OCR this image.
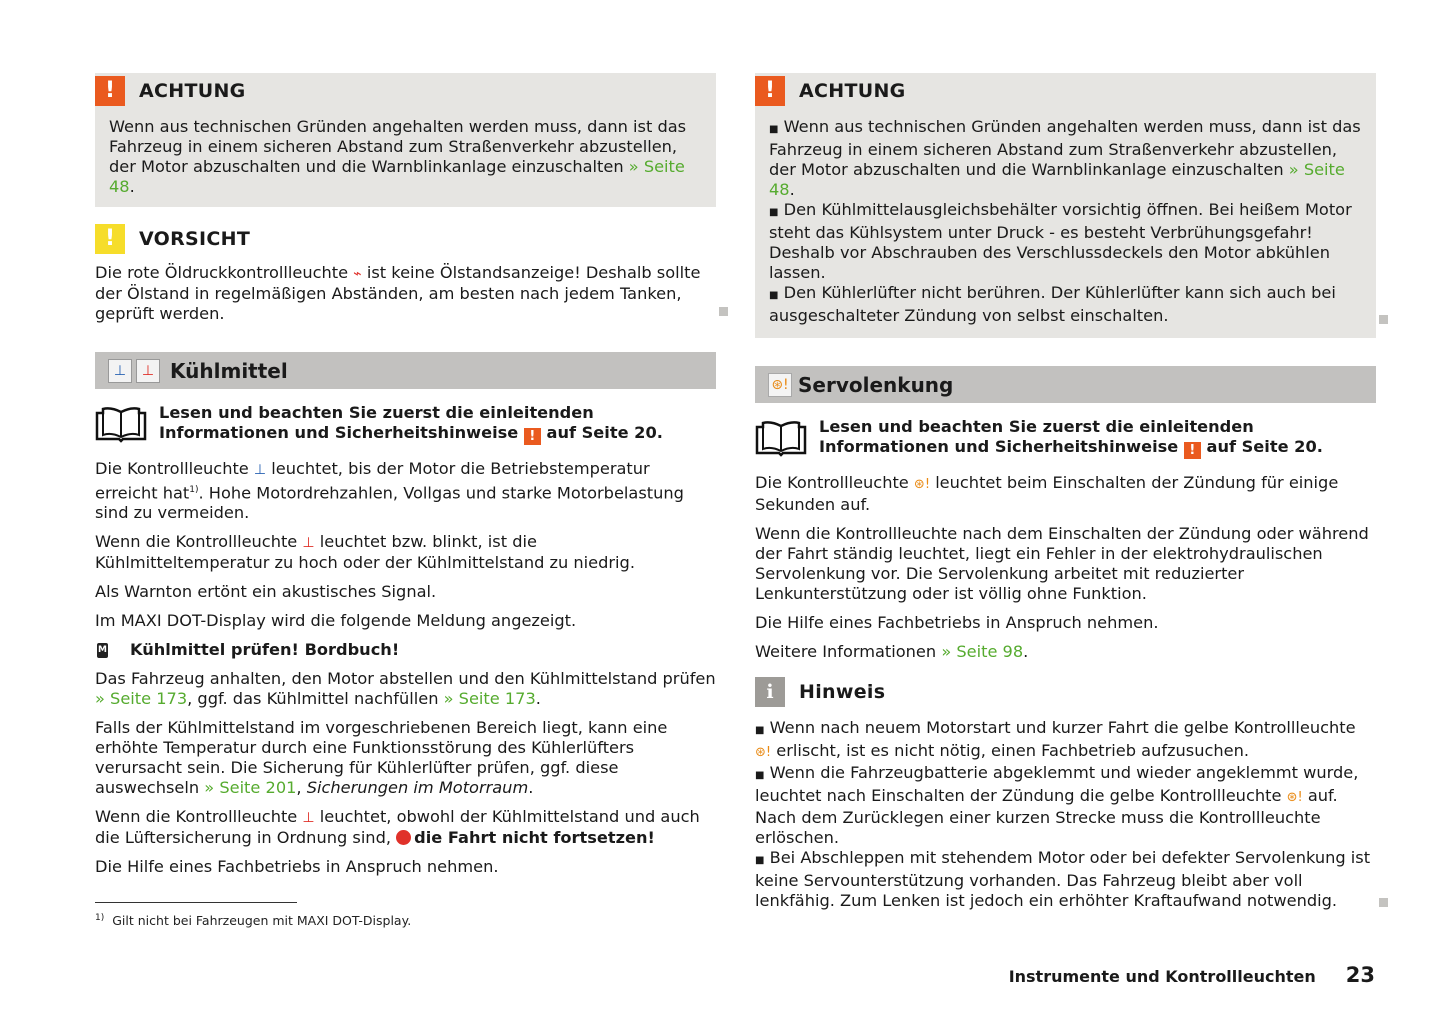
! ACHTUNG
Wenn aus technischen Gründen angehalten werden muss, dann ist das Fahrzeug in einem sicheren Abstand zum Straßenverkehr abzustellen, der Motor abzuschalten und die Warnblinkanlage einzuschalten » Seite 48.
! VORSICHT
Die rote Öldruckkontrollleuchte ⌁ ist keine Ölstandsanzeige! Deshalb sollte der Ölstand in regelmäßigen Abständen, am besten nach jedem Tanken, geprüft werden.
⊥	⊥ Kühlmittel
Lesen und beachten Sie zuerst die einleitenden Informationen und Sicherheitshinweise ! auf Seite 20.

Die Kontrollleuchte ⊥ leuchtet, bis der Motor die Betriebstemperatur erreicht hat$^{1)}$. Hohe Motordrehzahlen, Vollgas und starke Motorbelastung sind zu vermeiden.

Wenn die Kontrollleuchte ⊥ leuchtet bzw. blinkt, ist die Kühlmitteltemperatur zu hoch oder der Kühlmittelstand zu niedrig.

Als Warnton ertönt ein akustisches Signal.

Im MAXI DOT-Display wird die folgende Meldung angezeigt.

M Kühlmittel prüfen! Bordbuch!

Das Fahrzeug anhalten, den Motor abstellen und den Kühlmittelstand prüfen » Seite 173, ggf. das Kühlmittel nachfüllen » Seite 173.

Falls der Kühlmittelstand im vorgeschriebenen Bereich liegt, kann eine erhöhte Temperatur durch eine Funktionsstörung des Kühlerlüfters verursacht sein. Die Sicherung für Kühlerlüfter prüfen, ggf. diese auswechseln » Seite 201, Sicherungen im Motorraum.

Wenn die Kontrollleuchte ⊥ leuchtet, obwohl der Kühlmittelstand und auch die Lüftersicherung in Ordnung sind, die Fahrt nicht fortsetzen!

Die Hilfe eines Fachbetriebs in Anspruch nehmen.

! ACHTUNG

■ Wenn aus technischen Gründen angehalten werden muss, dann ist das Fahrzeug in einem sicheren Abstand zum Straßenverkehr abzustellen, der Motor abzuschalten und die Warnblinkanlage einzuschalten » Seite 48.

■ Den Kühlmittelausgleichsbehälter vorsichtig öffnen. Bei heißem Motor steht das Kühlsystem unter Druck - es besteht Verbrühungsgefahr! Deshalb vor Abschrauben des Verschlussdeckels den Motor abkühlen lassen.

■ Den Kühlerlüfter nicht berühren. Der Kühlerlüfter kann sich auch bei ausgeschalteter Zündung von selbst einschalten.

⊛! Servolenkung
Lesen und beachten Sie zuerst die einleitenden Informationen und Sicherheitshinweise ! auf Seite 20.

Die Kontrollleuchte ⊛! leuchtet beim Einschalten der Zündung für einige Sekunden auf.

Wenn die Kontrollleuchte nach dem Einschalten der Zündung oder während der Fahrt ständig leuchtet, liegt ein Fehler in der elektrohydraulischen Servolenkung vor. Die Servolenkung arbeitet mit reduzierter Lenkunterstützung oder ist völlig ohne Funktion.

Die Hilfe eines Fachbetriebs in Anspruch nehmen.

Weitere Informationen » Seite 98.

i Hinweis

■ Wenn nach neuem Motorstart und kurzer Fahrt die gelbe Kontrollleuchte ⊛! erlischt, ist es nicht nötig, einen Fachbetrieb aufzusuchen.

■ Wenn die Fahrzeugbatterie abgeklemmt und wieder angeklemmt wurde, leuchtet nach Einschalten der Zündung die gelbe Kontrollleuchte ⊛! auf. Nach dem Zurücklegen einer kurzen Strecke muss die Kontrollleuchte erlöschen.

■ Bei Abschleppen mit stehendem Motor oder bei defekter Servolenkung ist keine Servounterstützung vorhanden. Das Fahrzeug bleibt aber voll lenkfähig. Zum Lenken ist jedoch ein erhöhter Kraftaufwand notwendig.

$^{1)}$ Gilt nicht bei Fahrzeugen mit MAXI DOT-Display.
Instrumente und Kontrollleuchten 23
